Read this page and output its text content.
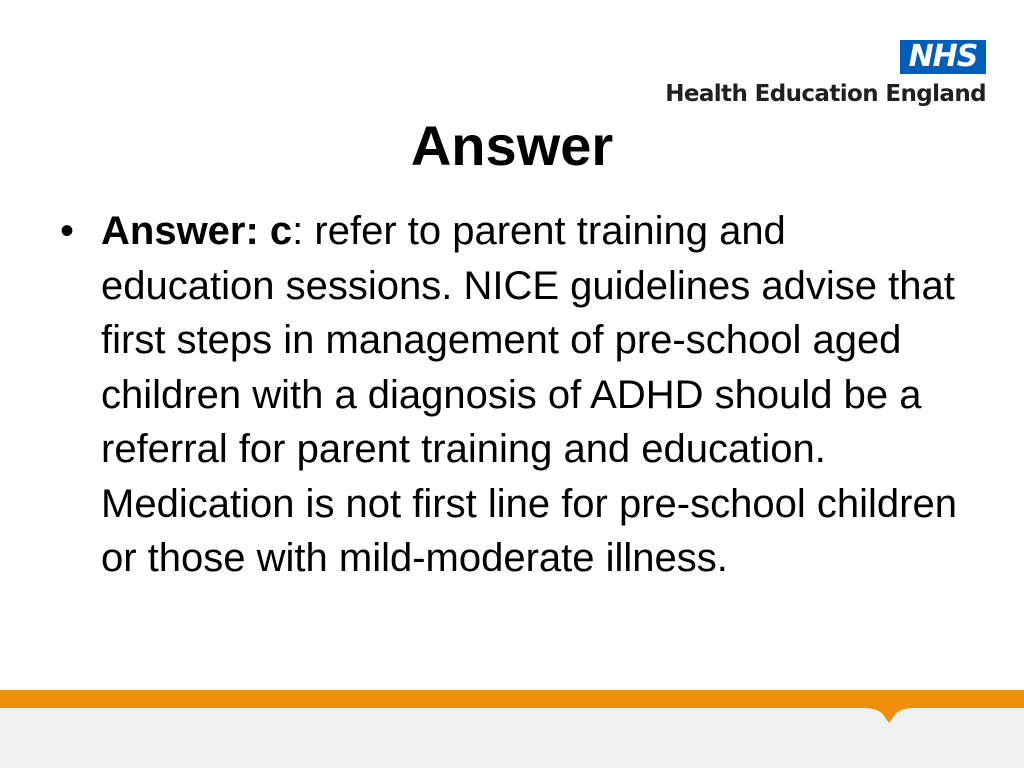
NHS
Health Education England
Answer
• Answer: c: refer to parent training and education sessions. NICE guidelines advise that first steps in management of pre-school aged children with a diagnosis of ADHD should be a referral for parent training and education. Medication is not first line for pre-school children or those with mild-moderate illness.
